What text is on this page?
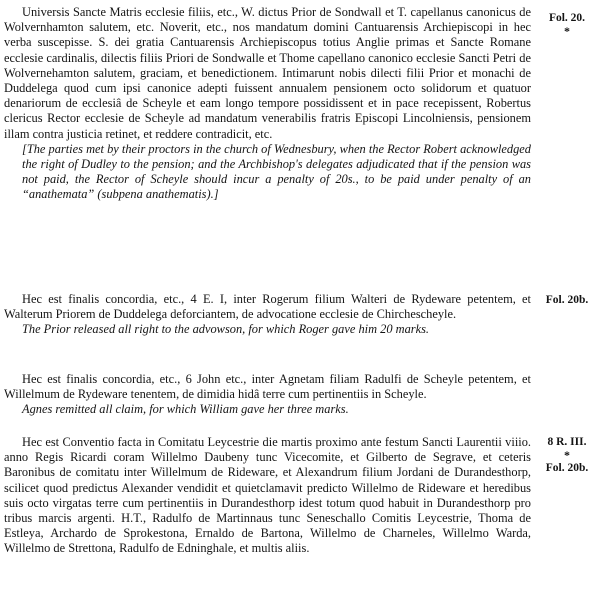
Universis Sancte Matris ecclesie filiis, etc., W. dictus Prior de Sondwall et T. capellanus canonicus de Wolvernhamton salutem, etc. Noverit, etc., nos mandatum domini Cantuarensis Archiepiscopi in hec verba suscepisse. S. dei gratia Cantuarensis Archiepiscopus totius Anglie primas et Sancte Romane ecclesie cardinalis, dilectis filiis Priori de Sondwalle et Thome capellano canonico ecclesie Sancti Petri de Wolvernehamton salutem, graciam, et benedictionem. Intimarunt nobis dilecti filii Prior et monachi de Duddelega quod cum ipsi canonice adepti fuissent annualem pensionem octo solidorum et quatuor denariorum de ecclesiâ de Scheyle et eam longo tempore possidissent et in pace recepissent, Robertus clericus Rector ecclesie de Scheyle ad mandatum venerabilis fratris Episcopi Lincolniensis, pensionem illam contra justicia retinet, et reddere contradicit, etc.

[The parties met by their proctors in the church of Wednesbury, when the Rector Robert acknowledged the right of Dudley to the pension; and the Archbishop's delegates adjudicated that if the pension was not paid, the Rector of Scheyle should incur a penalty of 20s., to be paid under penalty of an “anathemata” (subpena anathematis).]

Fol. 20.
*

Hec est finalis concordia, etc., 4 E. I, inter Rogerum filium Walteri de Rydeware petentem, et Walterum Priorem de Duddelega deforciantem, de advocatione ecclesie de Chirchescheyle.

The Prior released all right to the advowson, for which Roger gave him 20 marks.

Fol. 20b.

Hec est finalis concordia, etc., 6 John etc., inter Agnetam filiam Radulfi de Scheyle petentem, et Willelmum de Rydeware tenentem, de dimidia hidâ terre cum pertinentiis in Scheyle.

Agnes remitted all claim, for which William gave her three marks.

Hec est Conventio facta in Comitatu Leycestrie die martis proximo ante festum Sancti Laurentii viiio. anno Regis Ricardi coram Willelmo Daubeny tunc Vicecomite, et Gilberto de Segrave, et ceteris Baronibus de comitatu inter Willelmum de Rideware, et Alexandrum filium Jordani de Durandesthorp, scilicet quod predictus Alexander vendidit et quietclamavit predicto Willelmo de Rideware et heredibus suis octo virgatas terre cum pertinentiis in Durandesthorp idest totum quod habuit in Durandesthorp pro tribus marcis argenti. H.T., Radulfo de Martinnaus tunc Seneschallo Comitis Leycestrie, Thoma de Estleya, Archardo de Sprokestona, Ernaldo de Bartona, Willelmo de Charneles, Willelmo Warda, Willelmo de Strettona, Radulfo de Edninghale, et multis aliis.

8 R. III.
*
Fol. 20b.
